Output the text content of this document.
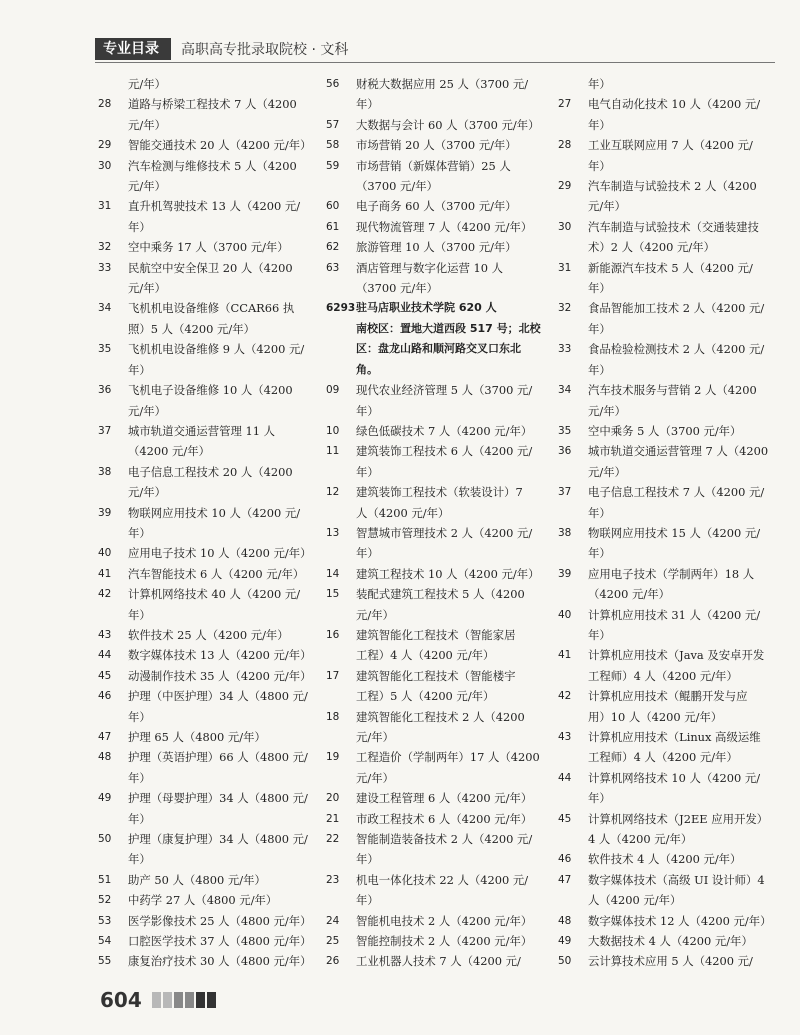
专业目录	高职高专批录取院校 · 文科
元/年）
28	道路与桥梁工程技术 7 人（4200
元/年）
29	智能交通技术 20 人（4200 元/年）
30	汽车检测与维修技术 5 人（4200
元/年）
31	直升机驾驶技术 13 人（4200 元/
年）
32	空中乘务 17 人（3700 元/年）
33	民航空中安全保卫 20 人（4200
元/年）
34	飞机机电设备维修（CCAR66 执
照）5 人（4200 元/年）
35	飞机机电设备维修 9 人（4200 元/
年）
36	飞机电子设备维修 10 人（4200
元/年）
37	城市轨道交通运营管理 11 人
（4200 元/年）
38	电子信息工程技术 20 人（4200
元/年）
39	物联网应用技术 10 人（4200 元/
年）
40	应用电子技术 10 人（4200 元/年）
41	汽车智能技术 6 人（4200 元/年）
42	计算机网络技术 40 人（4200 元/
年）
43	软件技术 25 人（4200 元/年）
44	数字媒体技术 13 人（4200 元/年）
45	动漫制作技术 35 人（4200 元/年）
46	护理（中医护理）34 人（4800 元/
年）
47	护理 65 人（4800 元/年）
48	护理（英语护理）66 人（4800 元/
年）
49	护理（母婴护理）34 人（4800 元/
年）
50	护理（康复护理）34 人（4800 元/
年）
51	助产 50 人（4800 元/年）
52	中药学 27 人（4800 元/年）
53	医学影像技术 25 人（4800 元/年）
54	口腔医学技术 37 人（4800 元/年）
55	康复治疗技术 30 人（4800 元/年）
56	财税大数据应用 25 人（3700 元/
年）
57	大数据与会计 60 人（3700 元/年）
58	市场营销 20 人（3700 元/年）
59	市场营销（新媒体营销）25 人
（3700 元/年）
60	电子商务 60 人（3700 元/年）
61	现代物流管理 7 人（4200 元/年）
62	旅游管理 10 人（3700 元/年）
63	酒店管理与数字化运营 10 人
（3700 元/年）
6293 驻马店职业技术学院 620 人
南校区：置地大道西段 517 号；北校
区：盘龙山路和顺河路交叉口东北
角。
09	现代农业经济管理 5 人（3700 元/
年）
10	绿色低碳技术 7 人（4200 元/年）
11	建筑装饰工程技术 6 人（4200 元/
年）
12	建筑装饰工程技术（软装设计）7
人（4200 元/年）
13	智慧城市管理技术 2 人（4200 元/
年）
14	建筑工程技术 10 人（4200 元/年）
15	装配式建筑工程技术 5 人（4200
元/年）
16	建筑智能化工程技术（智能家居
工程）4 人（4200 元/年）
17	建筑智能化工程技术（智能楼宇
工程）5 人（4200 元/年）
18	建筑智能化工程技术 2 人（4200
元/年）
19	工程造价（学制两年）17 人（4200
元/年）
20	建设工程管理 6 人（4200 元/年）
21	市政工程技术 6 人（4200 元/年）
22	智能制造装备技术 2 人（4200 元/
年）
23	机电一体化技术 22 人（4200 元/
年）
24	智能机电技术 2 人（4200 元/年）
25	智能控制技术 2 人（4200 元/年）
26	工业机器人技术 7 人（4200 元/
年）
27	电气自动化技术 10 人（4200 元/
年）
28	工业互联网应用 7 人（4200 元/
年）
29	汽车制造与试验技术 2 人（4200
元/年）
30	汽车制造与试验技术（交通装建技
术）2 人（4200 元/年）
31	新能源汽车技术 5 人（4200 元/
年）
32	食品智能加工技术 2 人（4200 元/
年）
33	食品检验检测技术 2 人（4200 元/
年）
34	汽车技术服务与营销 2 人（4200
元/年）
35	空中乘务 5 人（3700 元/年）
36	城市轨道交通运营管理 7 人（4200
元/年）
37	电子信息工程技术 7 人（4200 元/
年）
38	物联网应用技术 15 人（4200 元/
年）
39	应用电子技术（学制两年）18 人
（4200 元/年）
40	计算机应用技术 31 人（4200 元/
年）
41	计算机应用技术（Java 及安卓开发
工程师）4 人（4200 元/年）
42	计算机应用技术（鲲鹏开发与应
用）10 人（4200 元/年）
43	计算机应用技术（Linux 高级运维
工程师）4 人（4200 元/年）
44	计算机网络技术 10 人（4200 元/
年）
45	计算机网络技术（J2EE 应用开发）
4 人（4200 元/年）
46	软件技术 4 人（4200 元/年）
47	数字媒体技术（高级 UI 设计师）4
人（4200 元/年）
48	数字媒体技术 12 人（4200 元/年）
49	大数据技术 4 人（4200 元/年）
50	云计算技术应用 5 人（4200 元/
604
